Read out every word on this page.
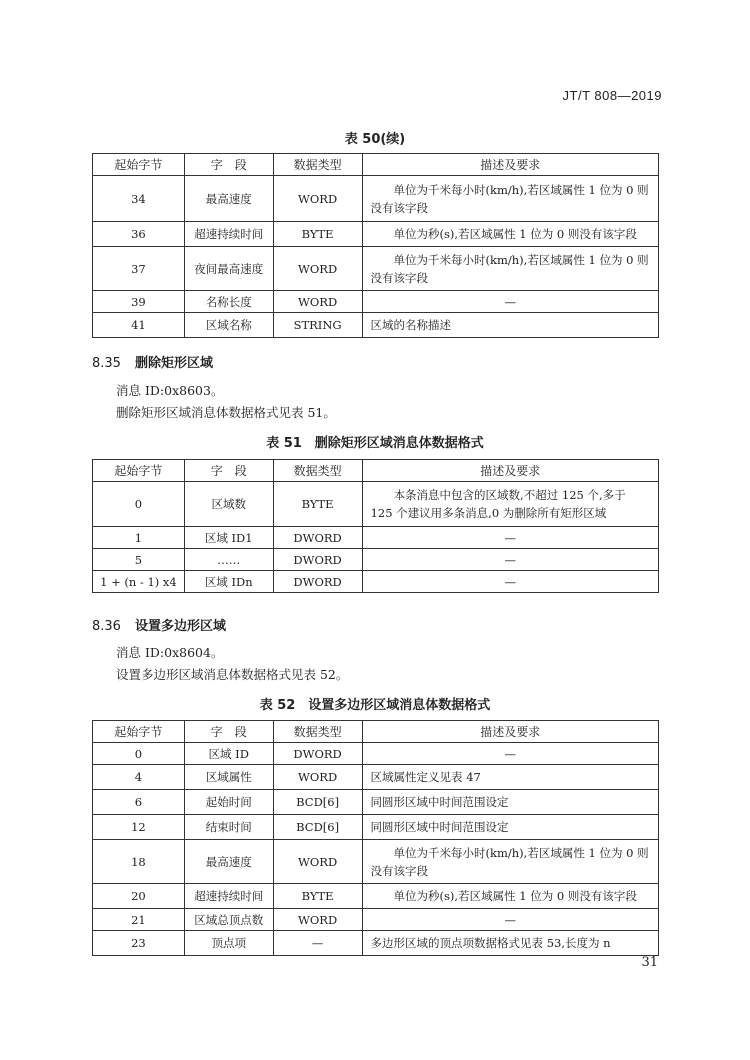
JT/T 808—2019
表 50(续)
起始字节	字　段	数据类型	描述及要求
34	最高速度	WORD	单位为千米每小时(km/h),若区域属性 1 位为 0 则没有该字段
36	超速持续时间	BYTE	单位为秒(s),若区域属性 1 位为 0 则没有该字段
37	夜间最高速度	WORD	单位为千米每小时(km/h),若区域属性 1 位为 0 则没有该字段
39	名称长度	WORD	—
41	区域名称	STRING	区域的名称描述
8.35 删除矩形区域
消息 ID:0x8603。
删除矩形区域消息体数据格式见表 51。
表 51　删除矩形区域消息体数据格式
起始字节	字　段	数据类型	描述及要求
0	区域数	BYTE	本条消息中包含的区域数,不超过 125 个,多于 125 个建议用多条消息,0 为删除所有矩形区域
1	区域 ID1	DWORD	—
5	……	DWORD	—
1 + (n - 1) x4	区域 IDn	DWORD	—
8.36 设置多边形区域
消息 ID:0x8604。
设置多边形区域消息体数据格式见表 52。
表 52　设置多边形区域消息体数据格式
起始字节	字　段	数据类型	描述及要求
0	区域 ID	DWORD	—
4	区域属性	WORD	区域属性定义见表 47
6	起始时间	BCD[6]	同圆形区域中时间范围设定
12	结束时间	BCD[6]	同圆形区域中时间范围设定
18	最高速度	WORD	单位为千米每小时(km/h),若区域属性 1 位为 0 则没有该字段
20	超速持续时间	BYTE	单位为秒(s),若区域属性 1 位为 0 则没有该字段
21	区域总顶点数	WORD	—
23	顶点项	—	多边形区域的顶点项数据格式见表 53,长度为 n
31
